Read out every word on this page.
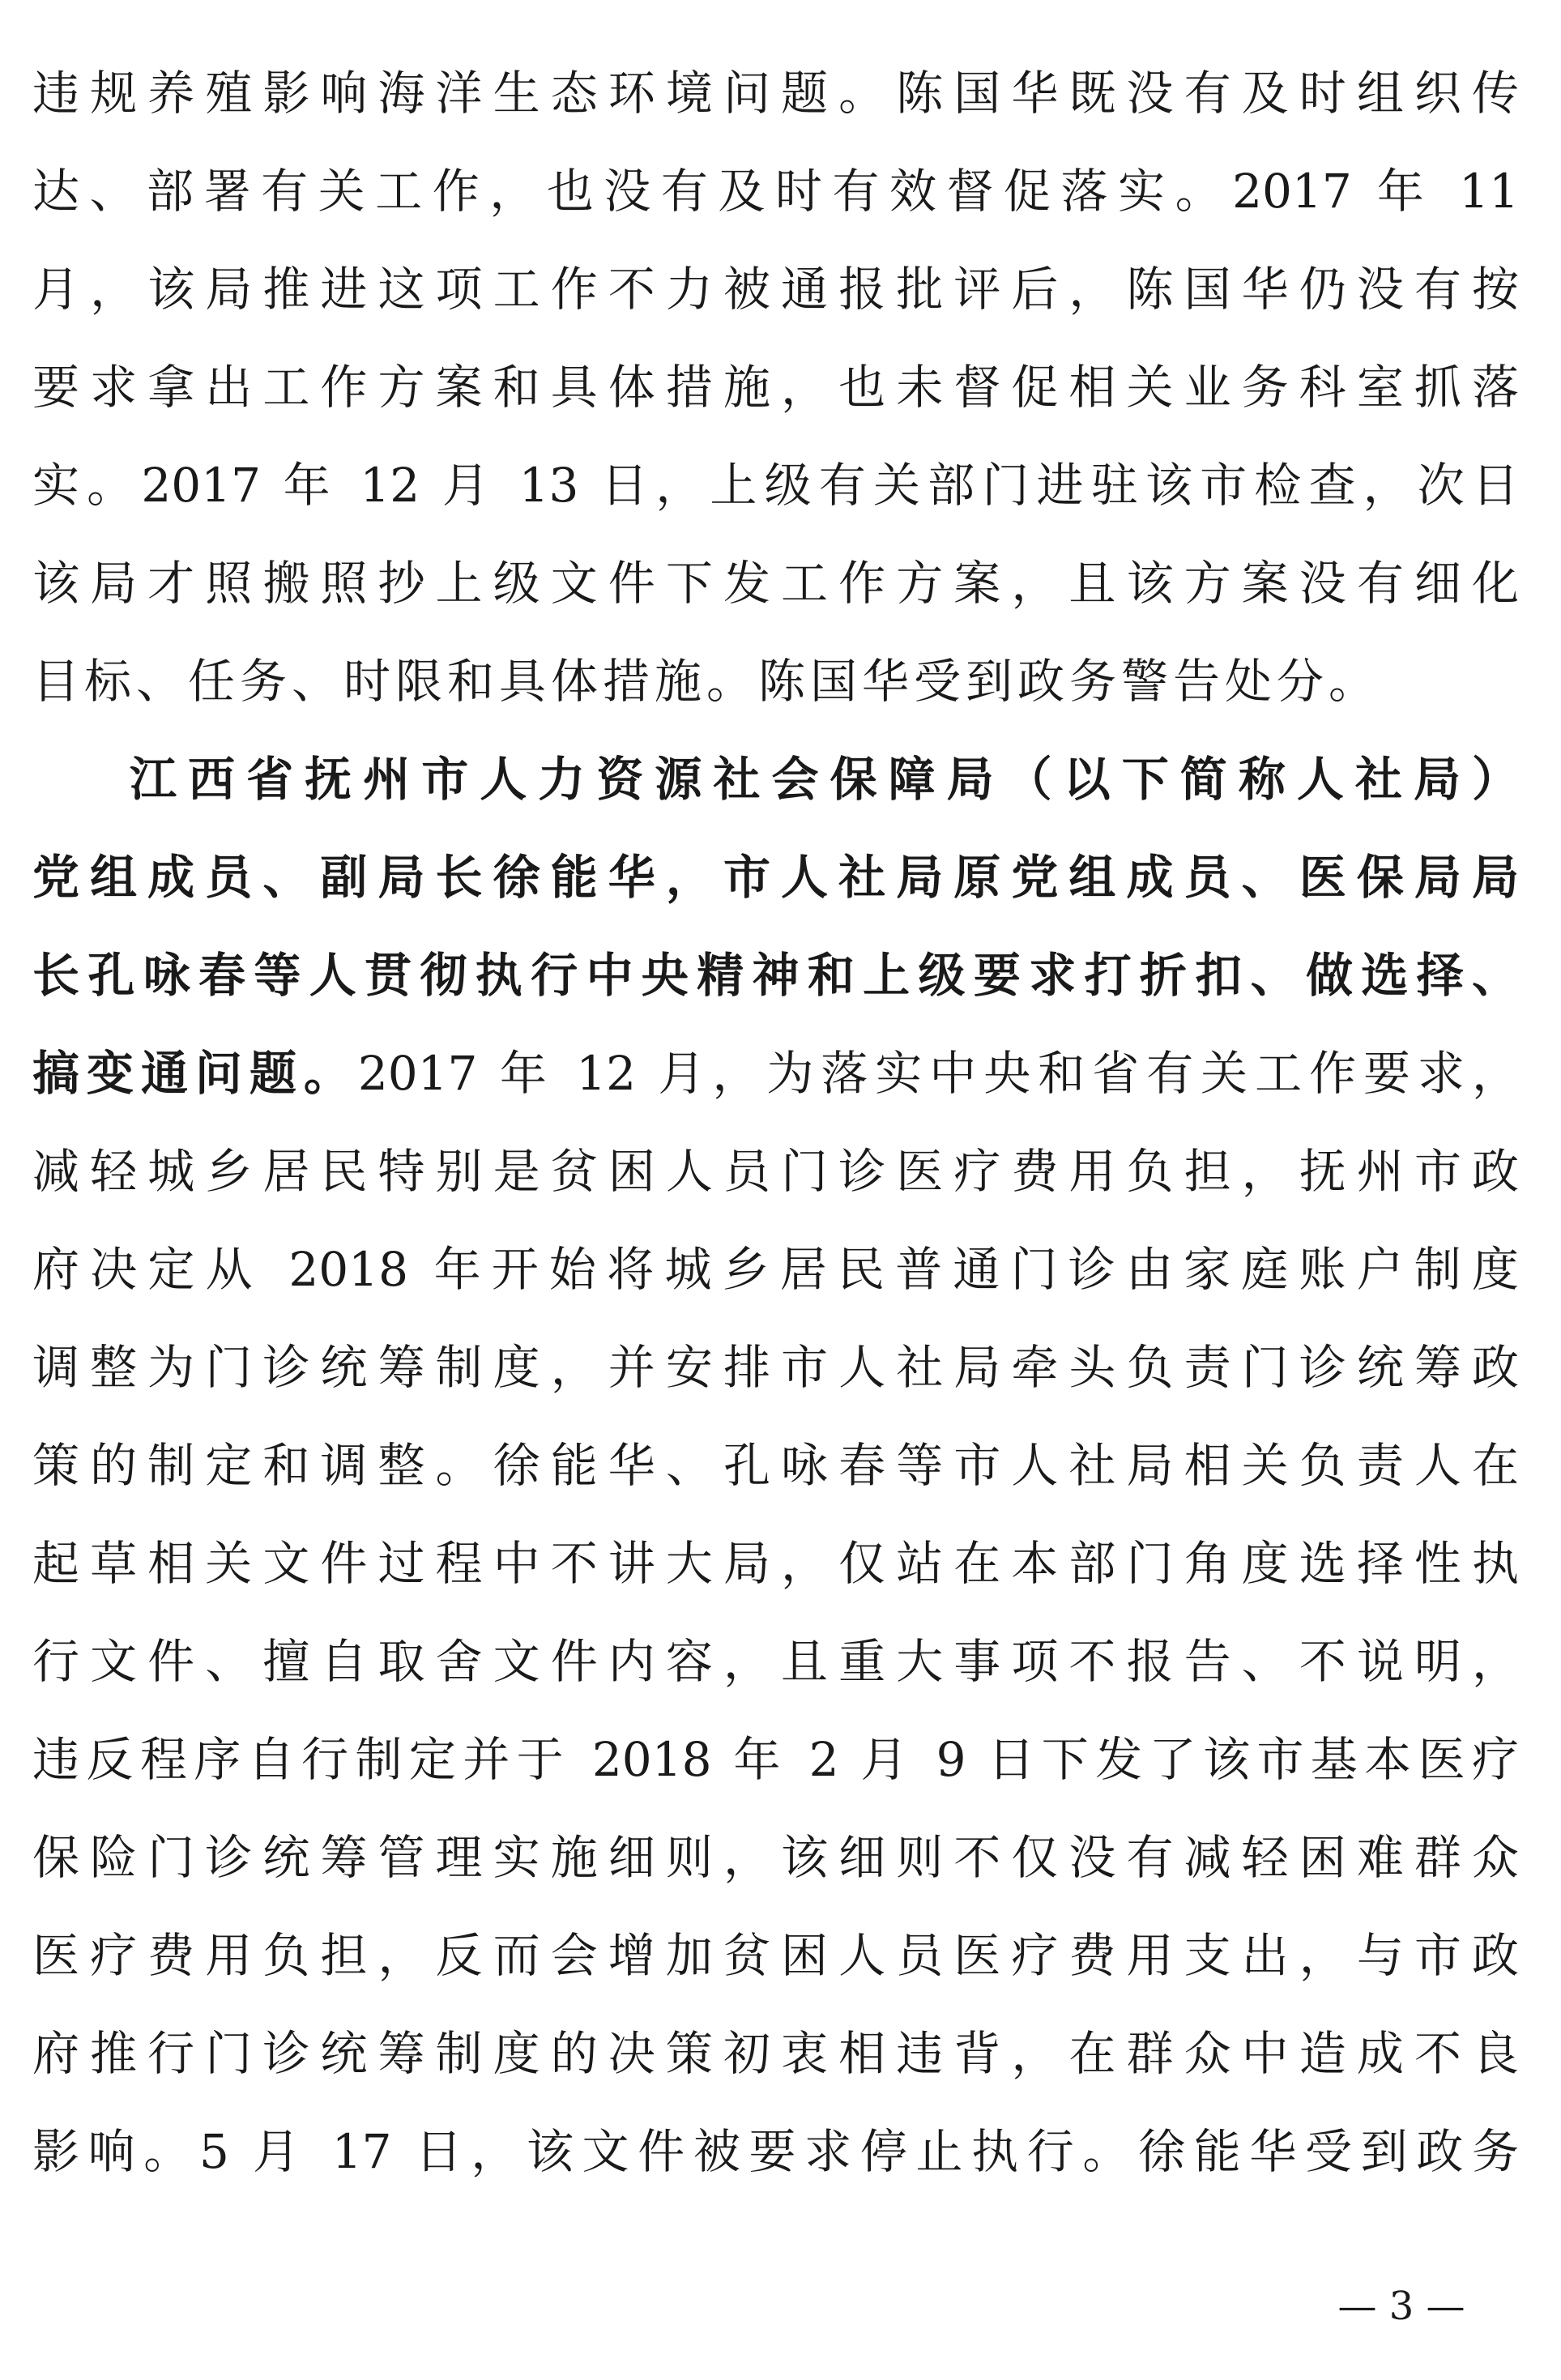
违规养殖影响海洋生态环境问题。陈国华既没有及时组织传
达、部署有关工作，也没有及时有效督促落实。2017 年 11
月，该局推进这项工作不力被通报批评后，陈国华仍没有按
要求拿出工作方案和具体措施，也未督促相关业务科室抓落
实。2017 年 12 月 13 日，上级有关部门进驻该市检查，次日
该局才照搬照抄上级文件下发工作方案，且该方案没有细化
目标、任务、时限和具体措施。陈国华受到政务警告处分。
江西省抚州市人力资源社会保障局（以下简称人社局）
党组成员、副局长徐能华，市人社局原党组成员、医保局局
长孔咏春等人贯彻执行中央精神和上级要求打折扣、做选择、
搞变通问题。2017 年 12 月，为落实中央和省有关工作要求，
减轻城乡居民特别是贫困人员门诊医疗费用负担，抚州市政
府决定从 2018 年开始将城乡居民普通门诊由家庭账户制度
调整为门诊统筹制度，并安排市人社局牵头负责门诊统筹政
策的制定和调整。徐能华、孔咏春等市人社局相关负责人在
起草相关文件过程中不讲大局，仅站在本部门角度选择性执
行文件、擅自取舍文件内容，且重大事项不报告、不说明，
违反程序自行制定并于 2018 年 2 月 9 日下发了该市基本医疗
保险门诊统筹管理实施细则，该细则不仅没有减轻困难群众
医疗费用负担，反而会增加贫困人员医疗费用支出，与市政
府推行门诊统筹制度的决策初衷相违背，在群众中造成不良
影响。5 月 17 日，该文件被要求停止执行。徐能华受到政务
— 3 —
